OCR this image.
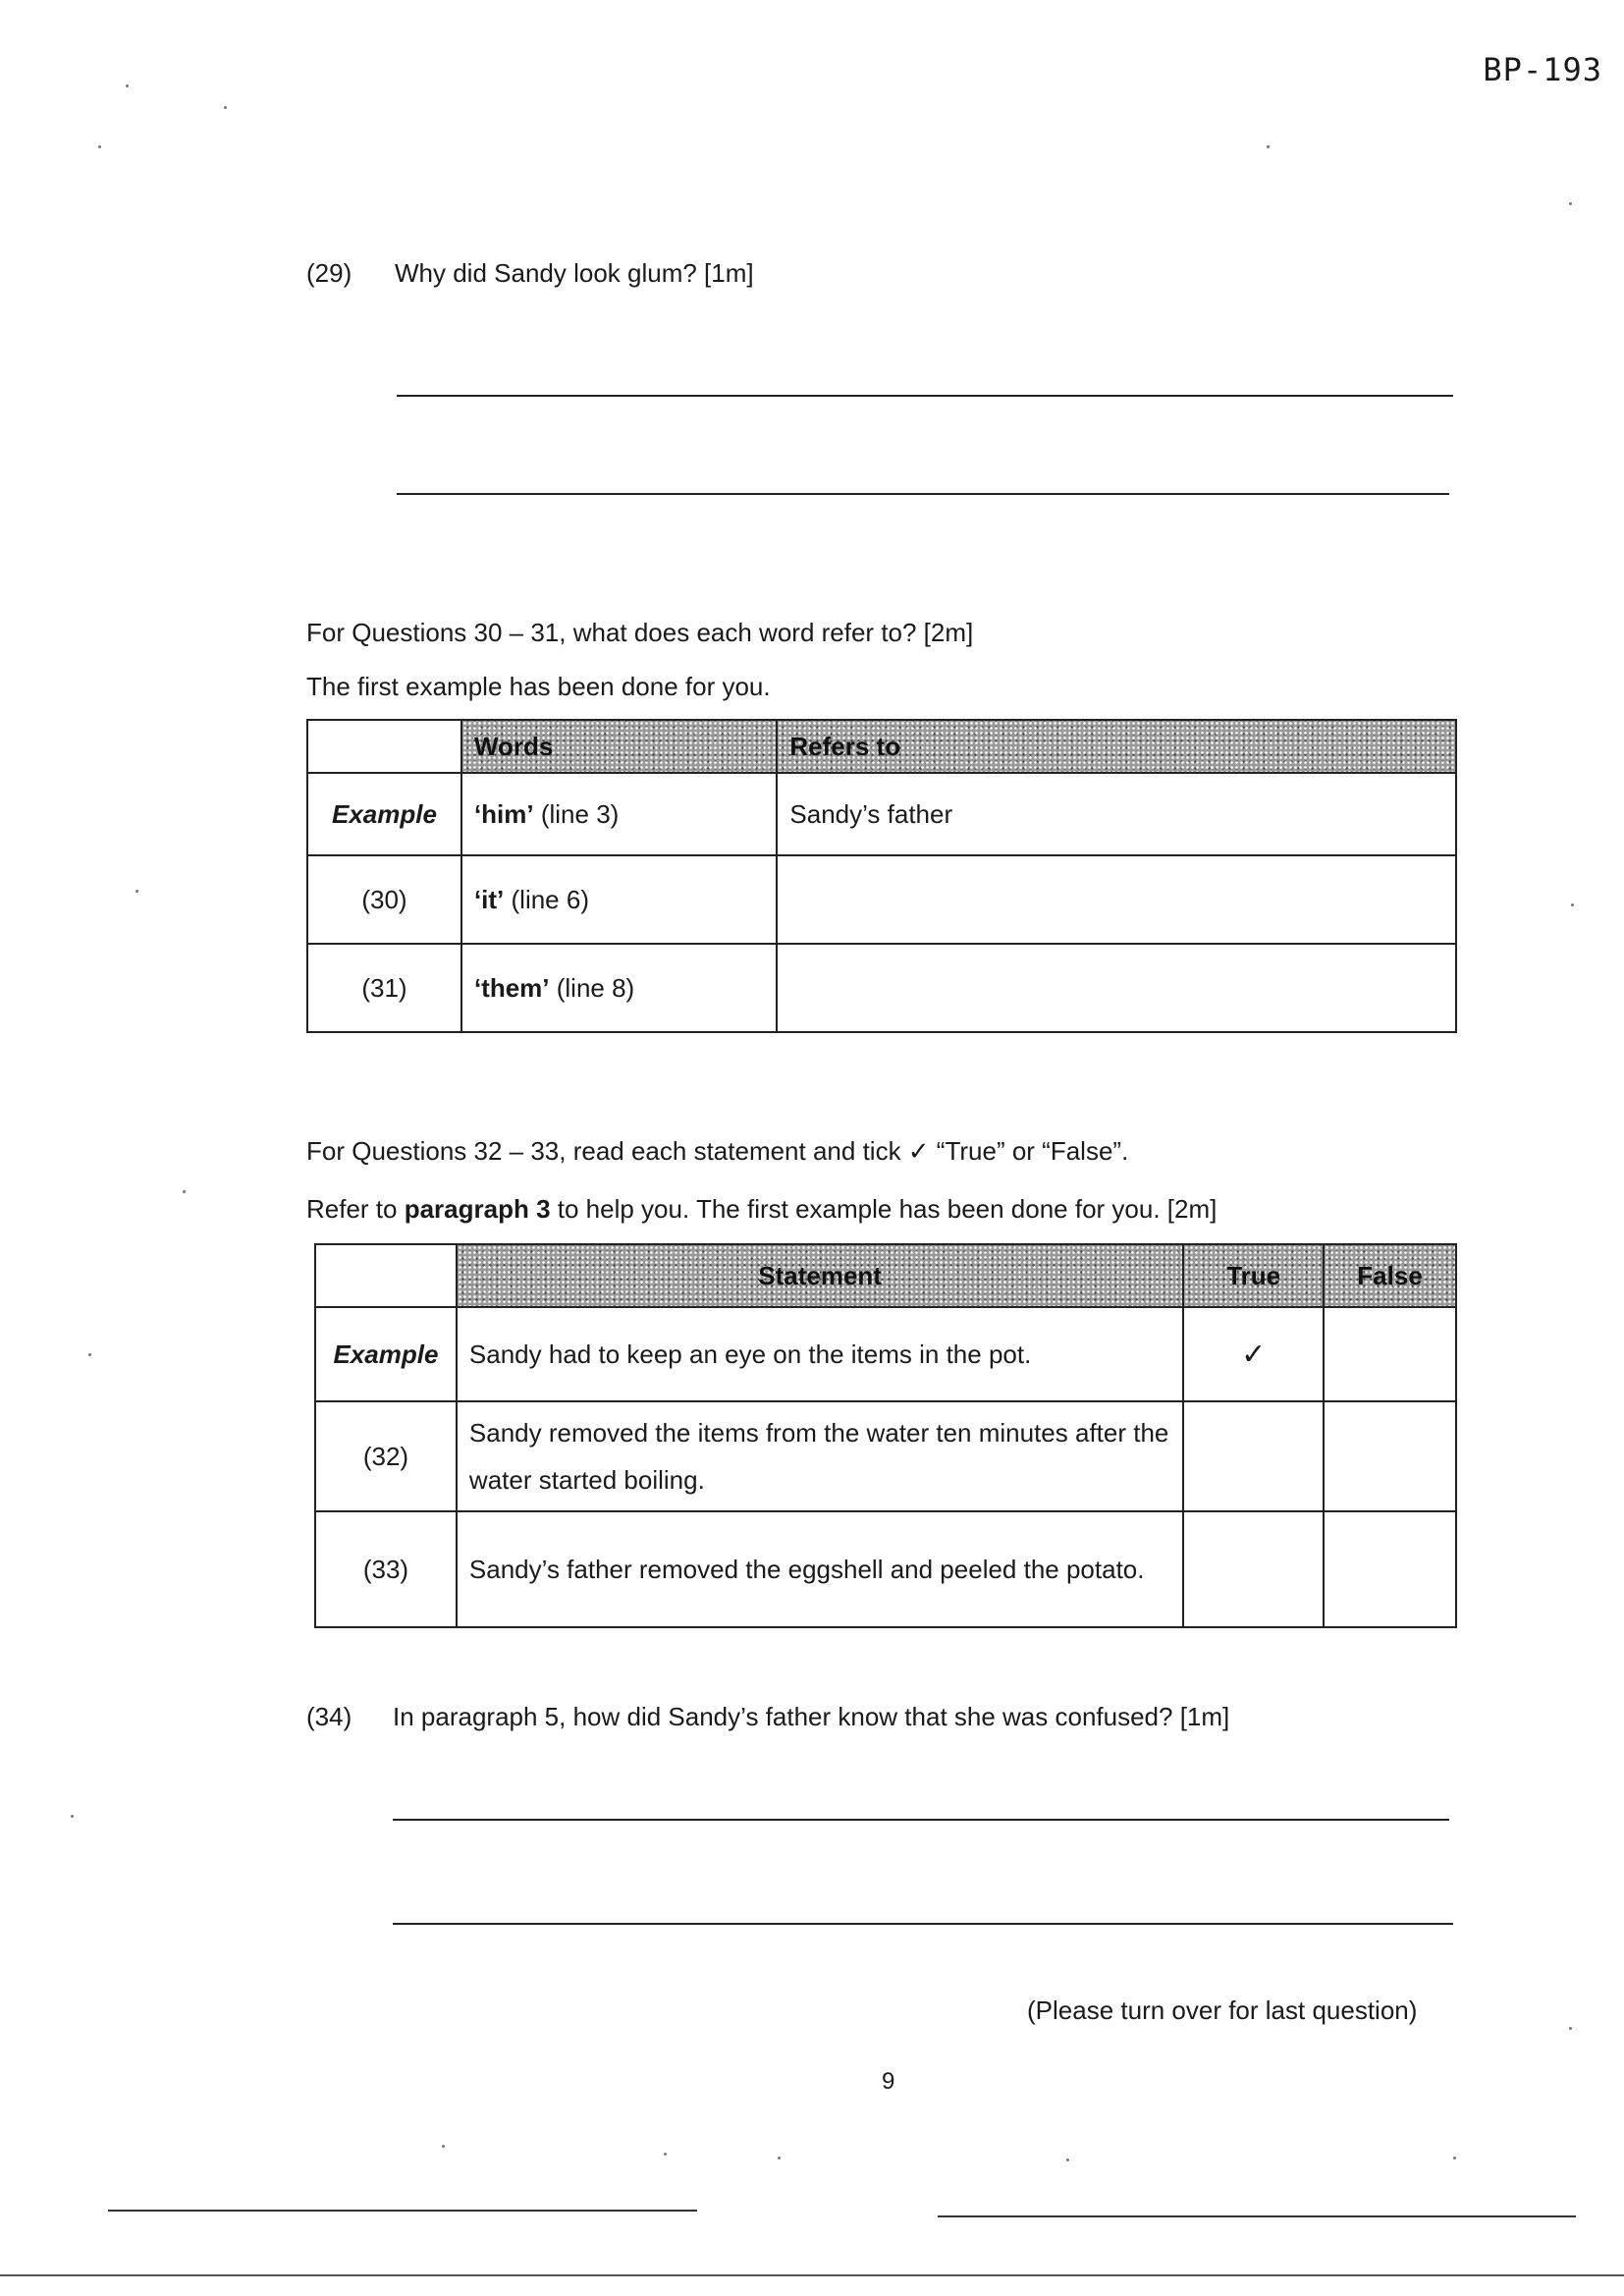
BP-193
(29) Why did Sandy look glum? [1m]
For Questions 30 – 31, what does each word refer to? [2m]
The first example has been done for you.
	Words	Refers to
Example	‘him’ (line 3)	Sandy’s father
(30)	‘it’ (line 6)	
(31)	‘them’ (line 8)	
For Questions 32 – 33, read each statement and tick ✓ “True” or “False”.
Refer to paragraph 3 to help you. The first example has been done for you. [2m]
	Statement	True	False
Example	Sandy had to keep an eye on the items in the pot.	✓	
(32)	Sandy removed the items from the water ten minutes after the water started boiling.		
(33)	Sandy’s father removed the eggshell and peeled the potato.		
(34) In paragraph 5, how did Sandy’s father know that she was confused? [1m]
(Please turn over for last question)
9
